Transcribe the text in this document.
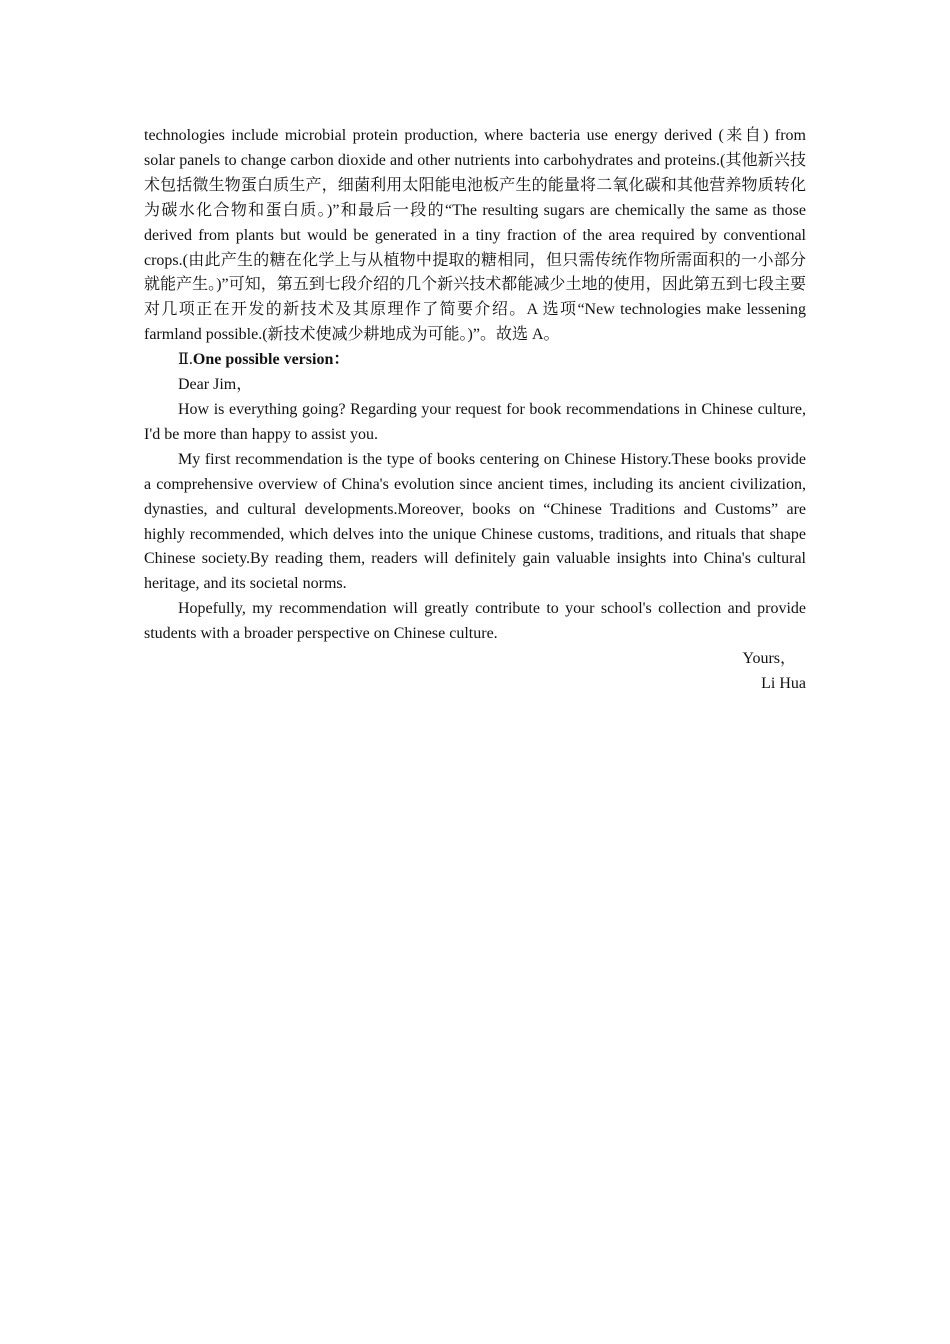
technologies include microbial protein production, where bacteria use energy derived (来自) from solar panels to change carbon dioxide and other nutrients into carbohydrates and proteins.(其他新兴技术包括微生物蛋白质生产，细菌利用太阳能电池板产生的能量将二氧化碳和其他营养物质转化为碳水化合物和蛋白质。)”和最后一段的“The resulting sugars are chemically the same as those derived from plants but would be generated in a tiny fraction of the area required by conventional crops.(由此产生的糖在化学上与从植物中提取的糖相同，但只需传统作物所需面积的一小部分就能产生。)”可知，第五到七段介绍的几个新兴技术都能减少土地的使用，因此第五到七段主要对几项正在开发的新技术及其原理作了简要介绍。A 选项“New technologies make lessening farmland possible.(新技术使减少耕地成为可能。)”。故选 A。

Ⅱ.One possible version：

Dear Jim，

How is everything going? Regarding your request for book recommendations in Chinese culture, I'd be more than happy to assist you.

My first recommendation is the type of books centering on Chinese History.These books provide a comprehensive overview of China's evolution since ancient times, including its ancient civilization, dynasties, and cultural developments.Moreover, books on “Chinese Traditions and Customs” are highly recommended, which delves into the unique Chinese customs, traditions, and rituals that shape Chinese society.By reading them, readers will definitely gain valuable insights into China's cultural heritage, and its societal norms.

Hopefully, my recommendation will greatly contribute to your school's collection and provide students with a broader perspective on Chinese culture.

Yours，

Li Hua
